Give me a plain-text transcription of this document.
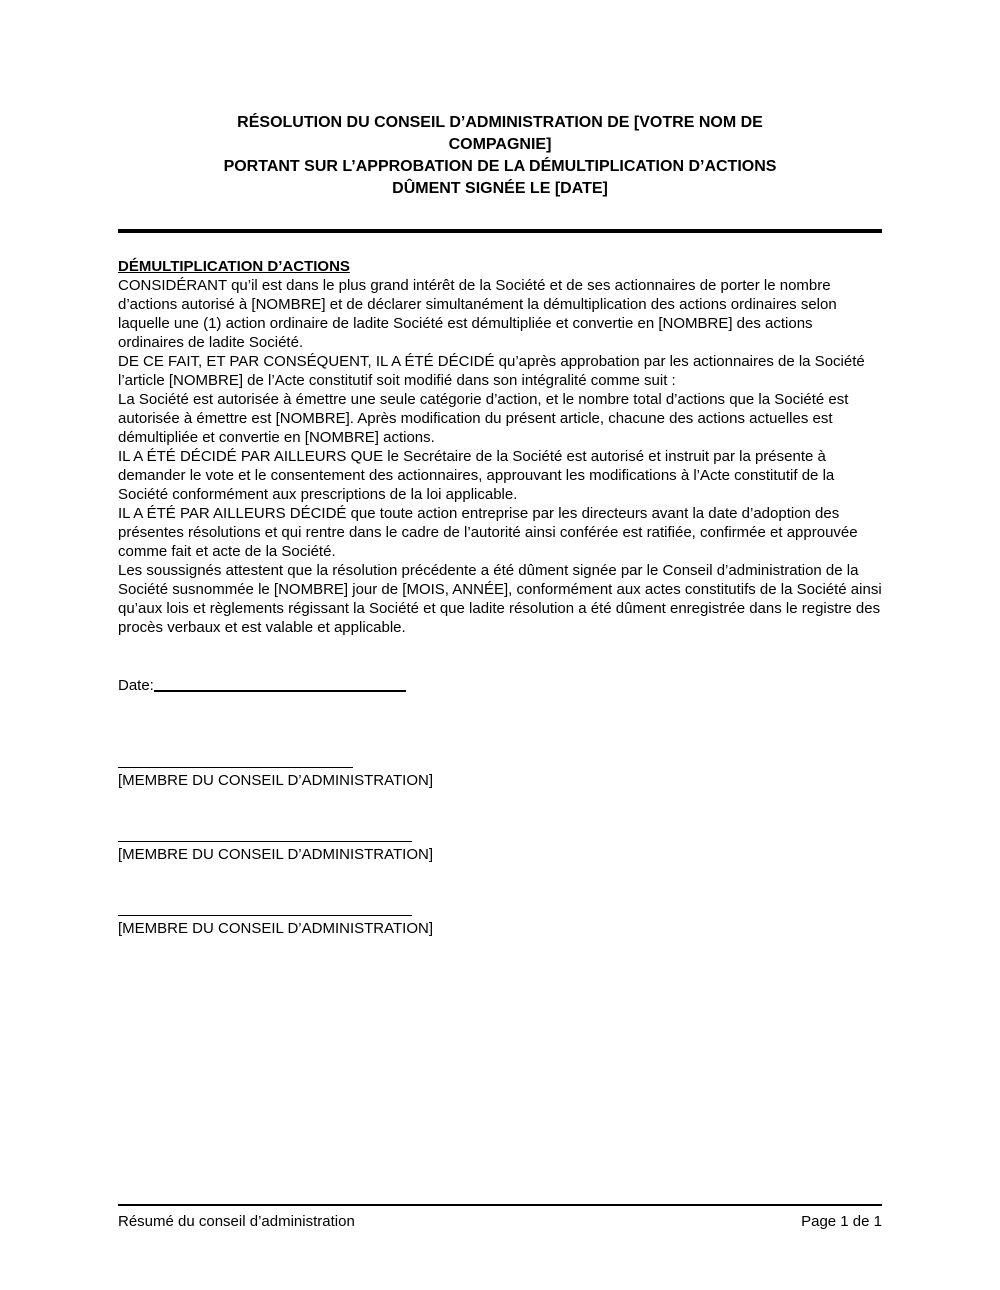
RÉSOLUTION DU CONSEIL D’ADMINISTRATION DE [VOTRE NOM DE
COMPAGNIE]
PORTANT SUR L’APPROBATION DE LA DÉMULTIPLICATION D’ACTIONS
DÛMENT SIGNÉE LE [DATE]
DÉMULTIPLICATION D’ACTIONS

CONSIDÉRANT qu’il est dans le plus grand intérêt de la Société et de ses actionnaires de porter le nombre d’actions autorisé à [NOMBRE] et de déclarer simultanément la démultiplication des actions ordinaires selon laquelle une (1) action ordinaire de ladite Société est démultipliée et convertie en [NOMBRE] des actions ordinaires de ladite Société.

DE CE FAIT, ET PAR CONSÉQUENT, IL A ÉTÉ DÉCIDÉ qu’après approbation par les actionnaires de la Société l’article [NOMBRE] de l’Acte constitutif soit modifié dans son intégralité comme suit :

La Société est autorisée à émettre une seule catégorie d’action, et le nombre total d’actions que la Société est autorisée à émettre est [NOMBRE]. Après modification du présent article, chacune des actions actuelles est démultipliée et convertie en [NOMBRE] actions.

IL A ÉTÉ DÉCIDÉ PAR AILLEURS QUE le Secrétaire de la Société est autorisé et instruit par la présente à demander le vote et le consentement des actionnaires, approuvant les modifications à l’Acte constitutif de la Société conformément aux prescriptions de la loi applicable.

IL A ÉTÉ PAR AILLEURS DÉCIDÉ que toute action entreprise par les directeurs avant la date d’adoption des présentes résolutions et qui rentre dans le cadre de l’autorité ainsi conférée est ratifiée, confirmée et approuvée comme fait et acte de la Société.

Les soussignés attestent que la résolution précédente a été dûment signée par le Conseil d’administration de la Société susnommée le [NOMBRE] jour de [MOIS, ANNÉE], conformément aux actes constitutifs de la Société ainsi qu’aux lois et règlements régissant la Société et que ladite résolution a été dûment enregistrée dans le registre des procès verbaux et est valable et applicable.

Date:
[MEMBRE DU CONSEIL D’ADMINISTRATION]
[MEMBRE DU CONSEIL D’ADMINISTRATION]
[MEMBRE DU CONSEIL D’ADMINISTRATION]
Résumé du conseil d’administration	Page 1 de 1
